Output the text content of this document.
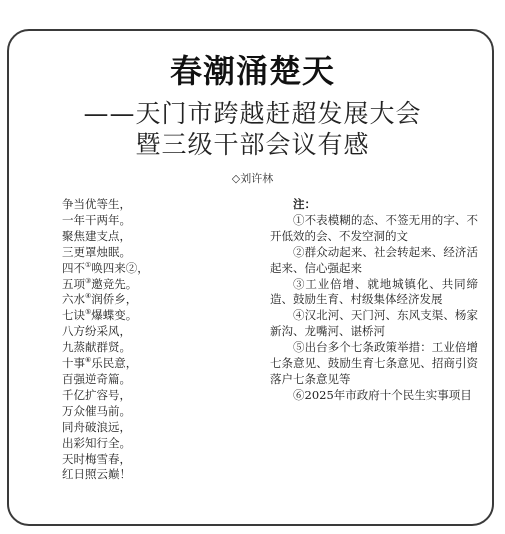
春潮涌楚天
——天门市跨越赶超发展大会
暨三级干部会议有感
◇刘许林
争当优等生，
一年干两年。
聚焦建支点，
三更罩烛眠。
四不①唤四来②，
五项③邀竞先。
六水④润侨乡，
七诀⑤爆蝶变。
八方纷采风，
九蒸献群贤。
十事⑥乐民意，
百强逆奇篇。
千亿扩容号，
万众催马前。
同舟破浪远，
出彩知行全。
天时梅雪春，
红日照云巅！
注：

①不表模糊的态、不签无用的字、不开低效的会、不发空洞的文

②群众动起来、社会转起来、经济活起来、信心强起来

③工业倍增、就地城镇化、共同缔造、鼓励生育、村级集体经济发展

④汉北河、天门河、东风支渠、杨家新沟、龙嘴河、谌桥河

⑤出台多个七条政策举措：工业倍增七条意见、鼓励生育七条意见、招商引资落户七条意见等

⑥2025年市政府十个民生实事项目
